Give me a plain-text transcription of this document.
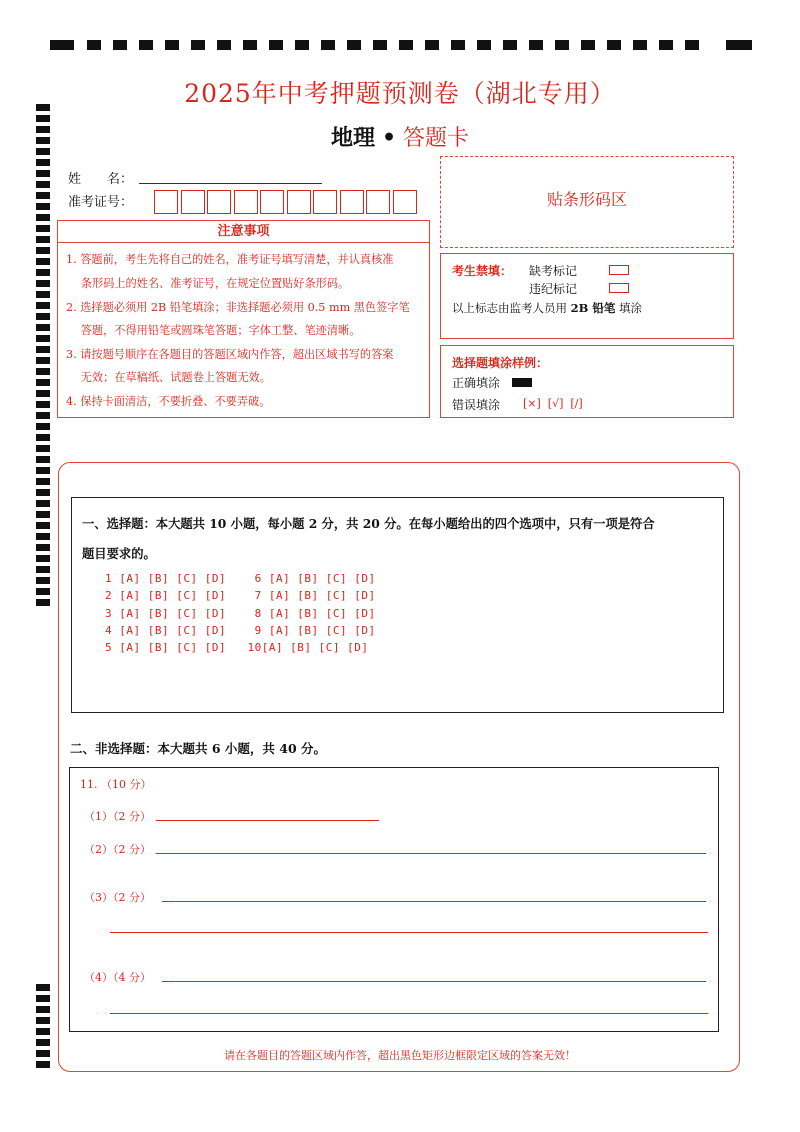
2025年中考押题预测卷（湖北专用）
地理 • 答题卡
姓　　名：
准考证号：
注意事项
1. 答题前，考生先将自己的姓名，准考证号填写清楚，并认真核准
　 条形码上的姓名、准考证号，在规定位置贴好条形码。
2. 选择题必须用 2B 铅笔填涂；非选择题必须用 0.5 mm 黑色签字笔
　 答题，不得用铅笔或圆珠笔答题；字体工整、笔迹清晰。
3. 请按题号顺序在各题目的答题区域内作答，超出区域书写的答案
　 无效；在草稿纸、试题卷上答题无效。
4. 保持卡面清洁，不要折叠、不要弄破。
贴条形码区
考生禁填： 缺考标记
违纪标记
以上标志由监考人员用 2B 铅笔 填涂
选择题填涂样例：
正确填涂
错误填涂 [×]  [√]  [/]
一、选择题：本大题共 10 小题，每小题 2 分，共 20 分。在每小题给出的四个选项中，只有一项是符合
题目要求的。
1 [A] [B] [C] [D]    6 [A] [B] [C] [D]
2 [A] [B] [C] [D]    7 [A] [B] [C] [D]
3 [A] [B] [C] [D]    8 [A] [B] [C] [D]
4 [A] [B] [C] [D]    9 [A] [B] [C] [D]
5 [A] [B] [C] [D]   10[A] [B] [C] [D]
二、非选择题：本大题共 6 小题，共 40 分。
11. （10 分）
（1）（2 分）
（2）（2 分）
（3）（2 分）
（4）（4 分）
请在各题目的答题区域内作答，超出黑色矩形边框限定区域的答案无效！
